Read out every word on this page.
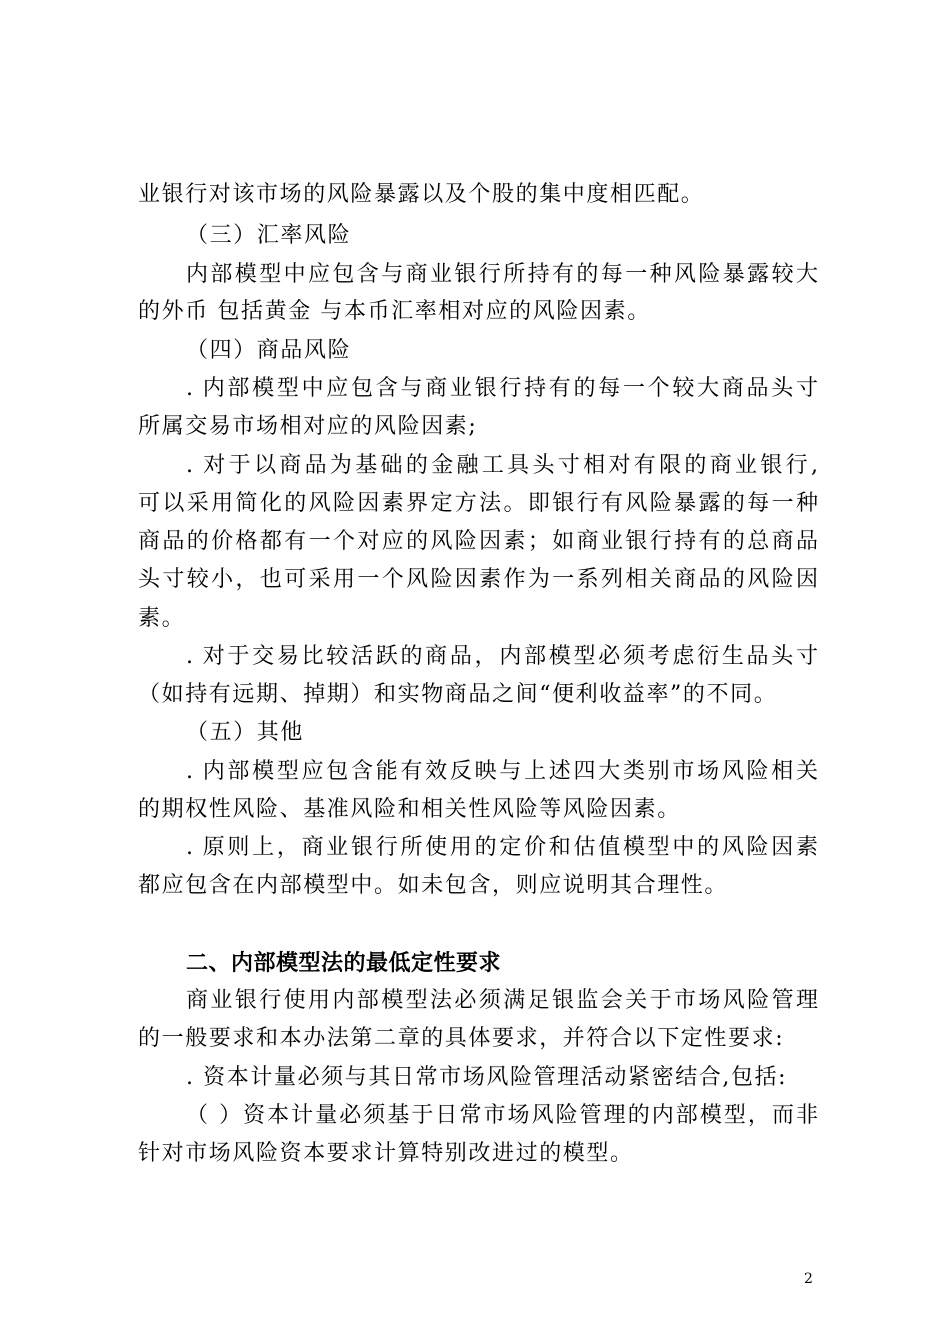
业银行对该市场的风险暴露以及个股的集中度相匹配。
（三）汇率风险
内部模型中应包含与商业银行所持有的每一种风险暴露较大
的外币 包括黄金 与本币汇率相对应的风险因素。
（四）商品风险
. 内部模型中应包含与商业银行持有的每一个较大商品头寸
所属交易市场相对应的风险因素;
. 对于以商品为基础的金融工具头寸相对有限的商业银行,
可以采用简化的风险因素界定方法。即银行有风险暴露的每一种
商品的价格都有一个对应的风险因素；如商业银行持有的总商品
头寸较小，也可采用一个风险因素作为一系列相关商品的风险因
素。
. 对于交易比较活跃的商品，内部模型必须考虑衍生品头寸
（如持有远期、掉期）和实物商品之间“便利收益率”的不同。
（五）其他
. 内部模型应包含能有效反映与上述四大类别市场风险相关
的期权性风险、基准风险和相关性风险等风险因素。
. 原则上，商业银行所使用的定价和估值模型中的风险因素
都应包含在内部模型中。如未包含，则应说明其合理性。
二、内部模型法的最低定性要求
商业银行使用内部模型法必须满足银监会关于市场风险管理
的一般要求和本办法第二章的具体要求，并符合以下定性要求:
. 资本计量必须与其日常市场风险管理活动紧密结合,包括:
（ ）资本计量必须基于日常市场风险管理的内部模型，而非
针对市场风险资本要求计算特别改进过的模型。
2
